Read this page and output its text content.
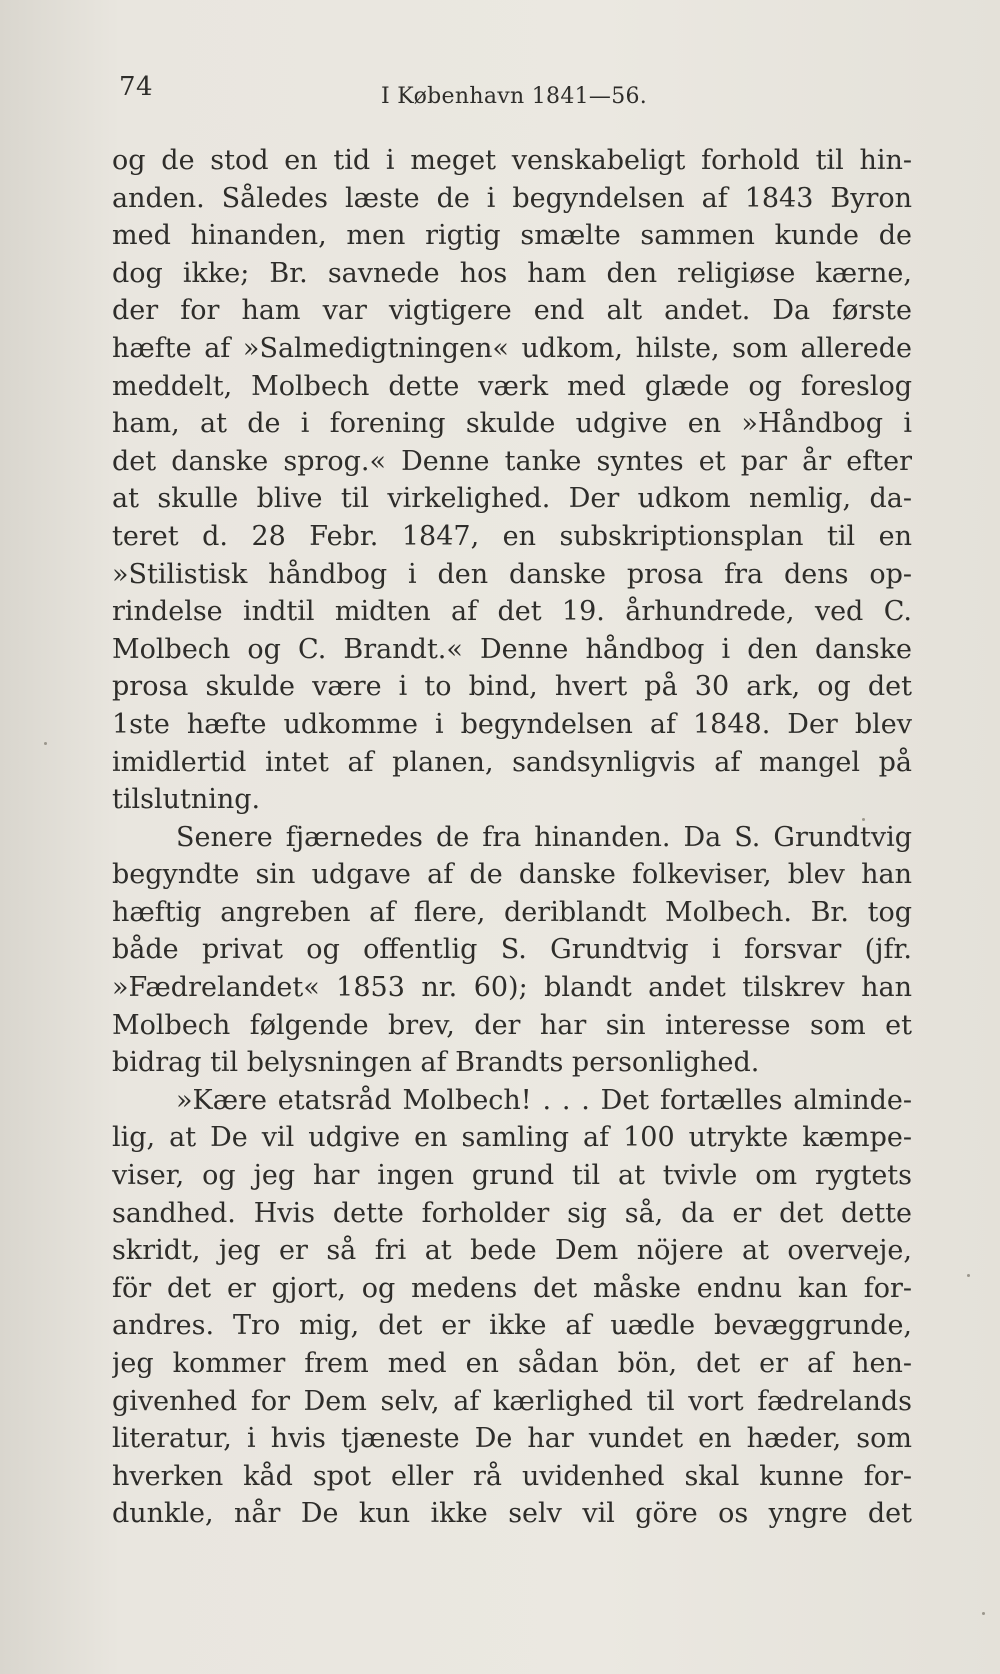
74	I København 1841—56.
og de stod en tid i meget venskabeligt forhold til hin-
anden. Således læste de i begyndelsen af 1843 Byron
med hinanden, men rigtig smælte sammen kunde de
dog ikke; Br. savnede hos ham den religiøse kærne,
der for ham var vigtigere end alt andet. Da første
hæfte af »Salmedigtningen« udkom, hilste, som allerede
meddelt, Molbech dette værk med glæde og foreslog
ham, at de i forening skulde udgive en »Håndbog i
det danske sprog.« Denne tanke syntes et par år efter
at skulle blive til virkelighed. Der udkom nemlig, da-
teret d. 28 Febr. 1847, en subskriptionsplan til en
»Stilistisk håndbog i den danske prosa fra dens op-
rindelse indtil midten af det 19. århundrede, ved C.
Molbech og C. Brandt.« Denne håndbog i den danske
prosa skulde være i to bind, hvert på 30 ark, og det
1ste hæfte udkomme i begyndelsen af 1848. Der blev
imidlertid intet af planen, sandsynligvis af mangel på
tilslutning.
Senere fjærnedes de fra hinanden. Da S. Grundtvig
begyndte sin udgave af de danske folkeviser, blev han
hæftig angreben af flere, deriblandt Molbech. Br. tog
både privat og offentlig S. Grundtvig i forsvar (jfr.
»Fædrelandet« 1853 nr. 60); blandt andet tilskrev han
Molbech følgende brev, der har sin interesse som et
bidrag til belysningen af Brandts personlighed.
»Kære etatsråd Molbech! . . . Det fortælles alminde-
lig, at De vil udgive en samling af 100 utrykte kæmpe-
viser, og jeg har ingen grund til at tvivle om rygtets
sandhed. Hvis dette forholder sig så, da er det dette
skridt, jeg er så fri at bede Dem nöjere at overveje,
för det er gjort, og medens det måske endnu kan for-
andres. Tro mig, det er ikke af uædle bevæggrunde,
jeg kommer frem med en sådan bön, det er af hen-
givenhed for Dem selv, af kærlighed til vort fædrelands
literatur, i hvis tjæneste De har vundet en hæder, som
hverken kåd spot eller rå uvidenhed skal kunne for-
dunkle, når De kun ikke selv vil göre os yngre det
